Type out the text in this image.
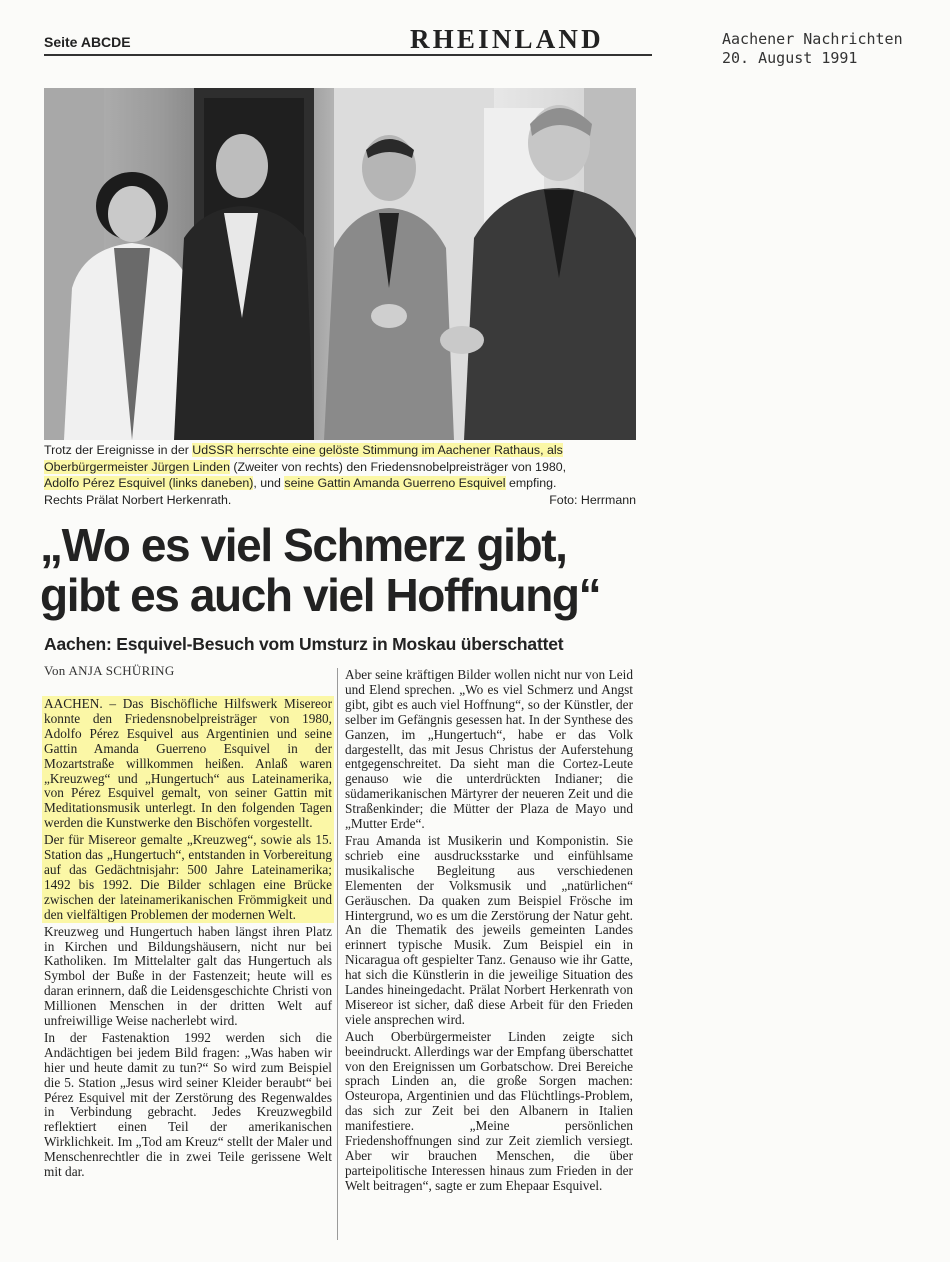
Aachener Nachrichten
20. August 1991
Seite ABCDE	RHEINLAND
Trotz der Ereignisse in der UdSSR herrschte eine gelöste Stimmung im Aachener Rathaus, als
Oberbürgermeister Jürgen Linden (Zweiter von rechts) den Friedensnobelpreisträger von 1980,
Adolfo Pérez Esquivel (links daneben), und seine Gattin Amanda Guerreno Esquivel empfing.
Rechts Prälat Norbert Herkenrath.	Foto: Herrmann
„Wo es viel Schmerz gibt,
gibt es auch viel Hoffnung“
Aachen: Esquivel-Besuch vom Umsturz in Moskau überschattet
Von ANJA SCHÜRING

AACHEN. – Das Bischöfliche Hilfswerk Misereor konnte den Friedensnobelpreisträger von 1980, Adolfo Pérez Esquivel aus Argentinien und seine Gattin Amanda Guerreno Esquivel in der Mozartstraße willkommen heißen. Anlaß waren „Kreuzweg“ und „Hungertuch“ aus Lateinamerika, von Pérez Esquivel gemalt, von seiner Gattin mit Meditationsmusik unterlegt. In den folgenden Tagen werden die Kunstwerke den Bischöfen vorgestellt.

Der für Misereor gemalte „Kreuzweg“, sowie als 15. Station das „Hungertuch“, entstanden in Vorbereitung auf das Gedächtnisjahr: 500 Jahre Lateinamerika; 1492 bis 1992. Die Bilder schlagen eine Brücke zwischen der lateinamerikanischen Frömmigkeit und den vielfältigen Problemen der modernen Welt.

Kreuzweg und Hungertuch haben längst ihren Platz in Kirchen und Bildungshäusern, nicht nur bei Katholiken. Im Mittelalter galt das Hungertuch als Symbol der Buße in der Fastenzeit; heute will es daran erinnern, daß die Leidensgeschichte Christi von Millionen Menschen in der dritten Welt auf unfreiwillige Weise nacherlebt wird.

In der Fastenaktion 1992 werden sich die Andächtigen bei jedem Bild fragen: „Was haben wir hier und heute damit zu tun?“ So wird zum Beispiel die 5. Station „Jesus wird seiner Kleider beraubt“ bei Pérez Esquivel mit der Zerstörung des Regenwaldes in Verbindung gebracht. Jedes Kreuzwegbild reflektiert einen Teil der amerikanischen Wirklichkeit. Im „Tod am Kreuz“ stellt der Maler und Menschenrechtler die in zwei Teile gerissene Welt mit dar.

Aber seine kräftigen Bilder wollen nicht nur von Leid und Elend sprechen. „Wo es viel Schmerz und Angst gibt, gibt es auch viel Hoffnung“, so der Künstler, der selber im Gefängnis gesessen hat. In der Synthese des Ganzen, im „Hungertuch“, habe er das Volk dargestellt, das mit Jesus Christus der Auferstehung entgegenschreitet. Da sieht man die Cortez-Leute genauso wie die unterdrückten Indianer; die südamerikanischen Märtyrer der neueren Zeit und die Straßenkinder; die Mütter der Plaza de Mayo und „Mutter Erde“.

Frau Amanda ist Musikerin und Komponistin. Sie schrieb eine ausdrucksstarke und einfühlsame musikalische Begleitung aus verschiedenen Elementen der Volksmusik und „natürlichen“ Geräuschen. Da quaken zum Beispiel Frösche im Hintergrund, wo es um die Zerstörung der Natur geht. An die Thematik des jeweils gemeinten Landes erinnert typische Musik. Zum Beispiel ein in Nicaragua oft gespielter Tanz. Genauso wie ihr Gatte, hat sich die Künstlerin in die jeweilige Situation des Landes hineingedacht. Prälat Norbert Herkenrath von Misereor ist sicher, daß diese Arbeit für den Frieden viele ansprechen wird.

Auch Oberbürgermeister Linden zeigte sich beeindruckt. Allerdings war der Empfang überschattet von den Ereignissen um Gorbatschow. Drei Bereiche sprach Linden an, die große Sorgen machen: Osteuropa, Argentinien und das Flüchtlings-Problem, das sich zur Zeit bei den Albanern in Italien manifestiere. „Meine persönlichen Friedenshoffnungen sind zur Zeit ziemlich versiegt. Aber wir brauchen Menschen, die über parteipolitische Interessen hinaus zum Frieden in der Welt beitragen“, sagte er zum Ehepaar Esquivel.
